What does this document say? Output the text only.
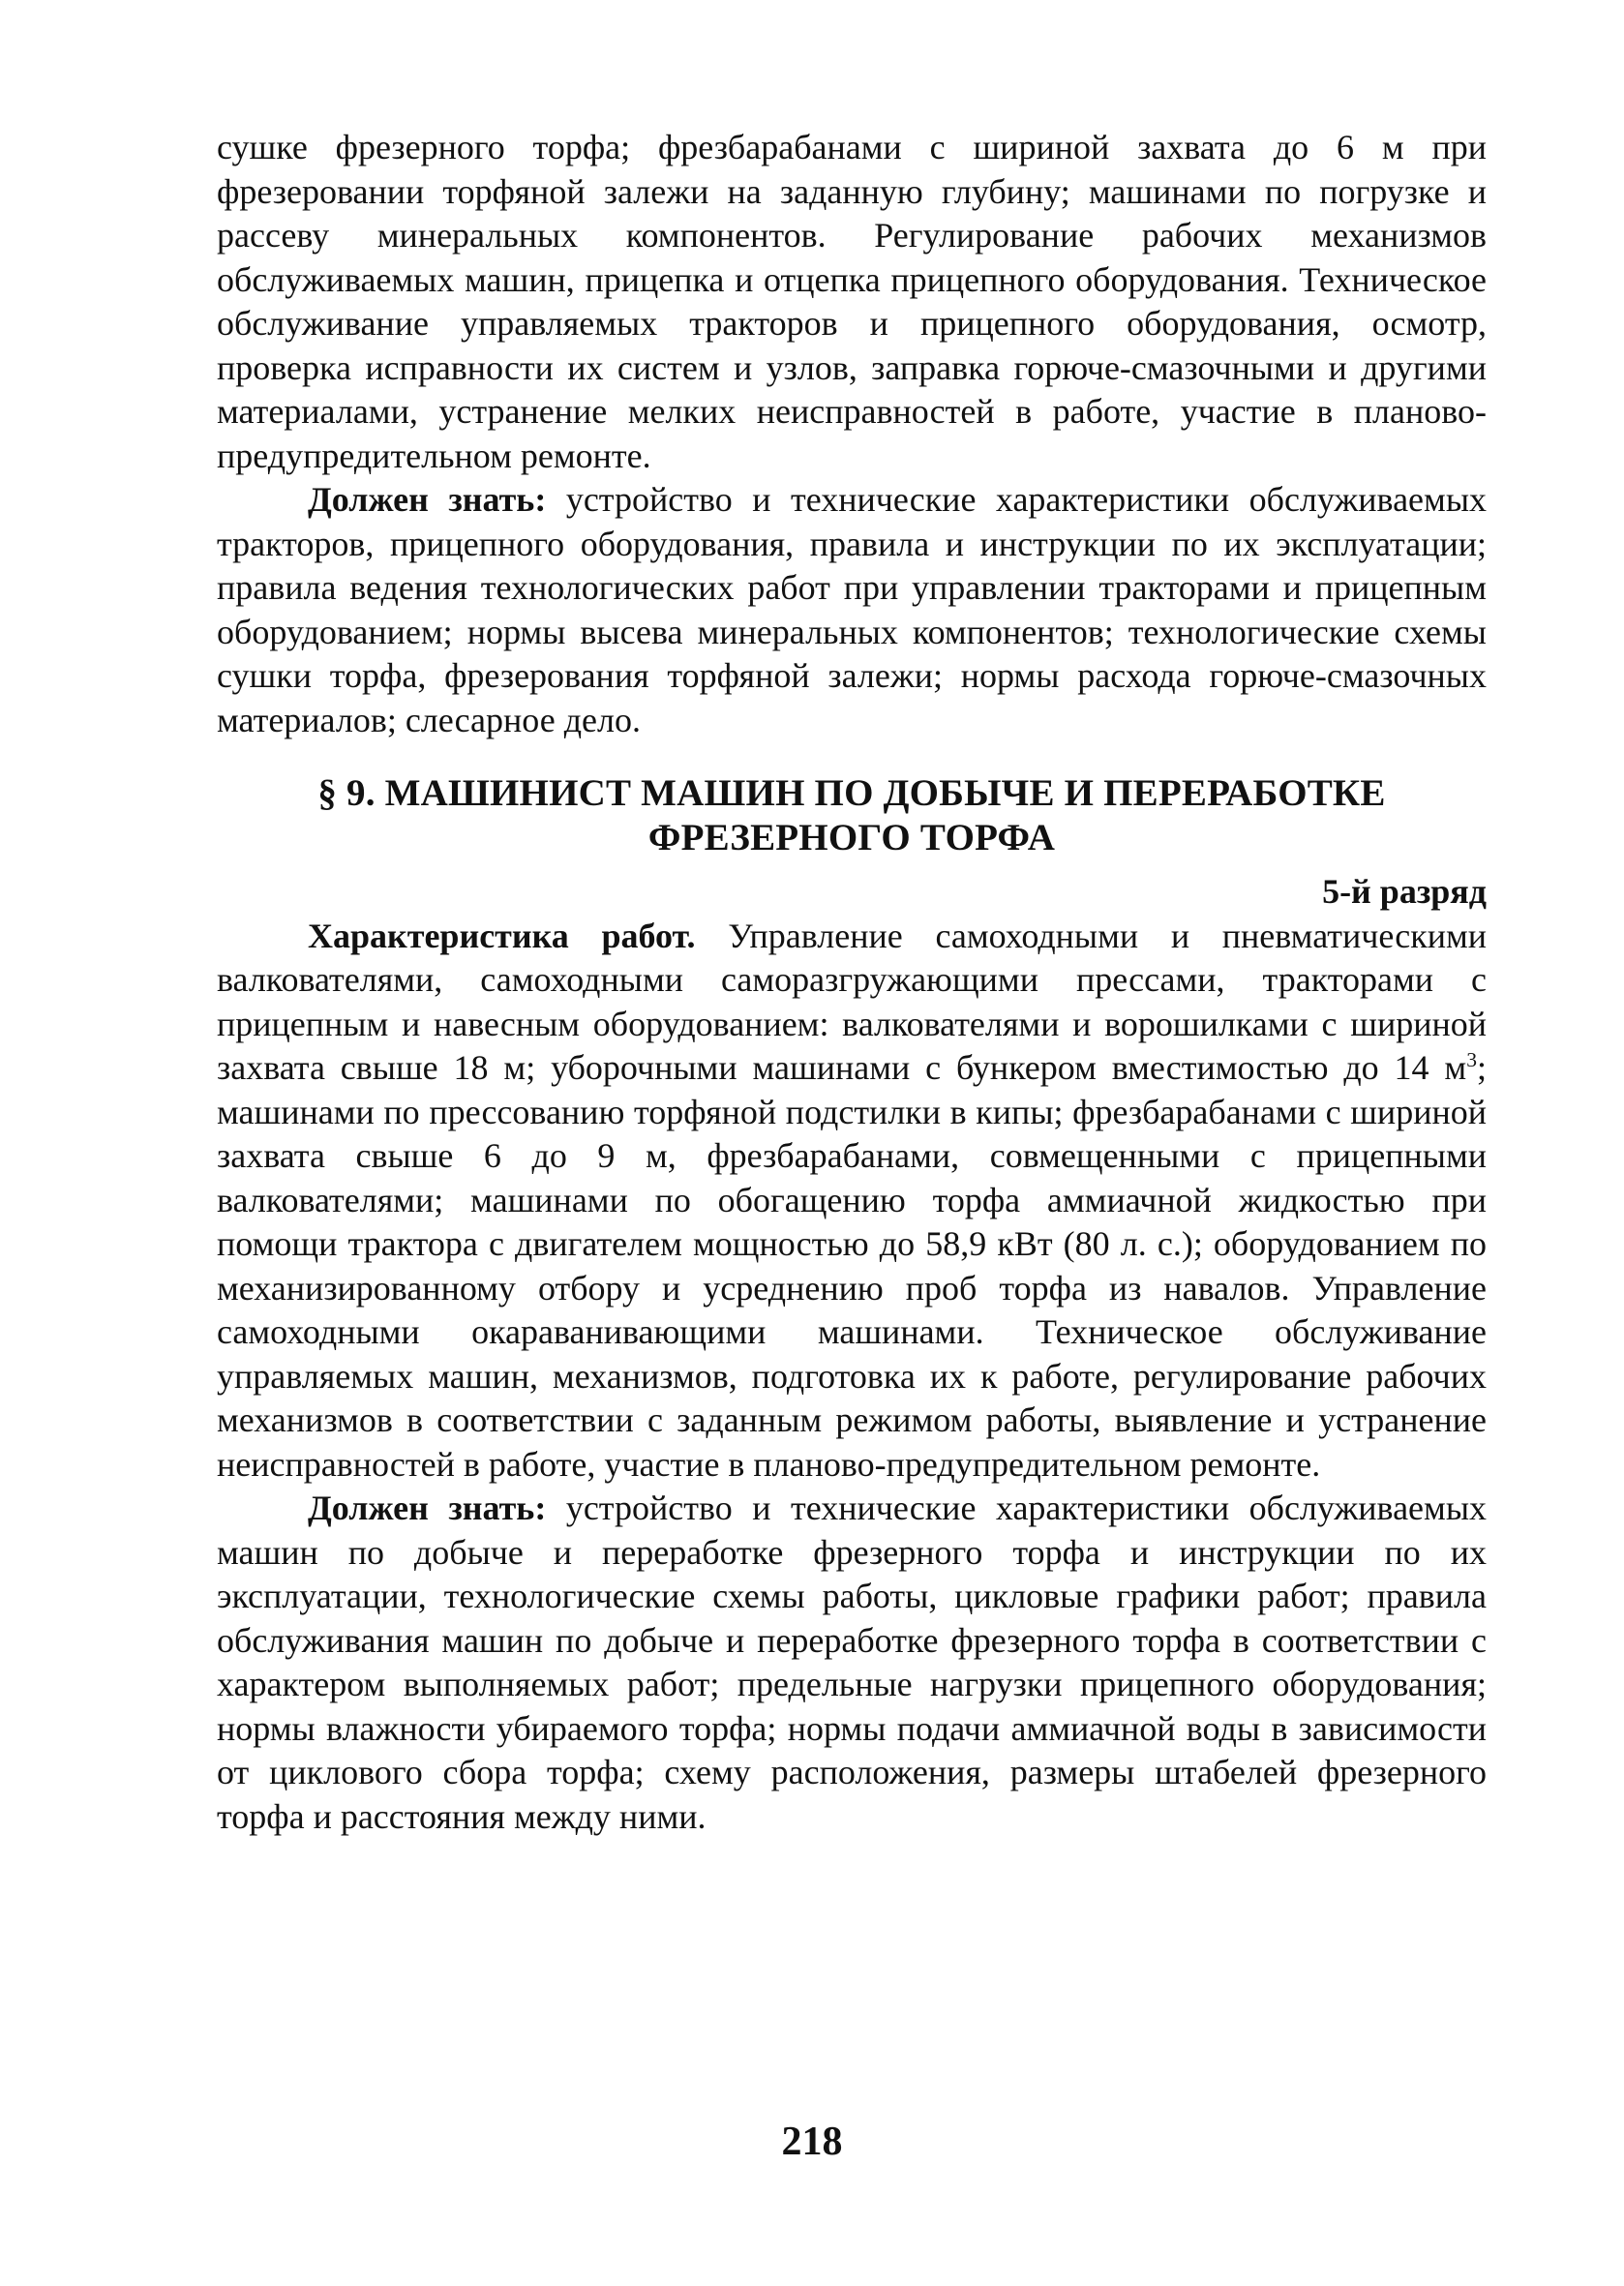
сушке фрезерного торфа; фрезбарабанами с шириной захвата до 6 м при фрезеровании торфяной залежи на заданную глубину; машинами по погрузке и рассеву минеральных компонентов. Регулирование рабочих механизмов обслуживаемых машин, прицепка и отцепка прицепного оборудования. Техническое обслуживание управляемых тракторов и прицепного оборудования, осмотр, проверка исправности их систем и узлов, заправка горюче-смазочными и другими материалами, устранение мелких неисправностей в работе, участие в планово-предупредительном ремонте.

Должен знать: устройство и технические характеристики обслуживаемых тракторов, прицепного оборудования, правила и инструкции по их эксплуатации; правила ведения технологических работ при управлении тракторами и прицепным оборудованием; нормы высева минеральных компонентов; технологические схемы сушки торфа, фрезерования торфяной залежи; нормы расхода горюче-смазочных материалов; слесарное дело.

§ 9. МАШИНИСТ МАШИН ПО ДОБЫЧЕ И ПЕРЕРАБОТКЕ
ФРЕЗЕРНОГО ТОРФА
5-й разряд

Характеристика работ. Управление самоходными и пневматическими валкователями, самоходными саморазгружающими прессами, тракторами с прицепным и навесным оборудованием: валкователями и ворошилками с шириной захвата свыше 18 м; уборочными машинами с бункером вместимостью до 14 $м^3$; машинами по прессованию торфяной подстилки в кипы; фрезбарабанами с шириной захвата свыше 6 до 9 м, фрезбарабанами, совмещенными с прицепными валкователями; машинами по обогащению торфа аммиачной жидкостью при помощи трактора с двигателем мощностью до 58,9 кВт (80 л. с.); оборудованием по механизированному отбору и усреднению проб торфа из навалов. Управление самоходными окараванивающими машинами. Техническое обслуживание управляемых машин, механизмов, подготовка их к работе, регулирование рабочих механизмов в соответствии с заданным режимом работы, выявление и устранение неисправностей в работе, участие в планово-предупредительном ремонте.

Должен знать: устройство и технические характеристики обслуживаемых машин по добыче и переработке фрезерного торфа и инструкции по их эксплуатации, технологические схемы работы, цикловые графики работ; правила обслуживания машин по добыче и переработке фрезерного торфа в соответствии с характером выполняемых работ; предельные нагрузки прицепного оборудования; нормы влажности убираемого торфа; нормы подачи аммиачной воды в зависимости от циклового сбора торфа; схему расположения, размеры штабелей фрезерного торфа и расстояния между ними.

218
